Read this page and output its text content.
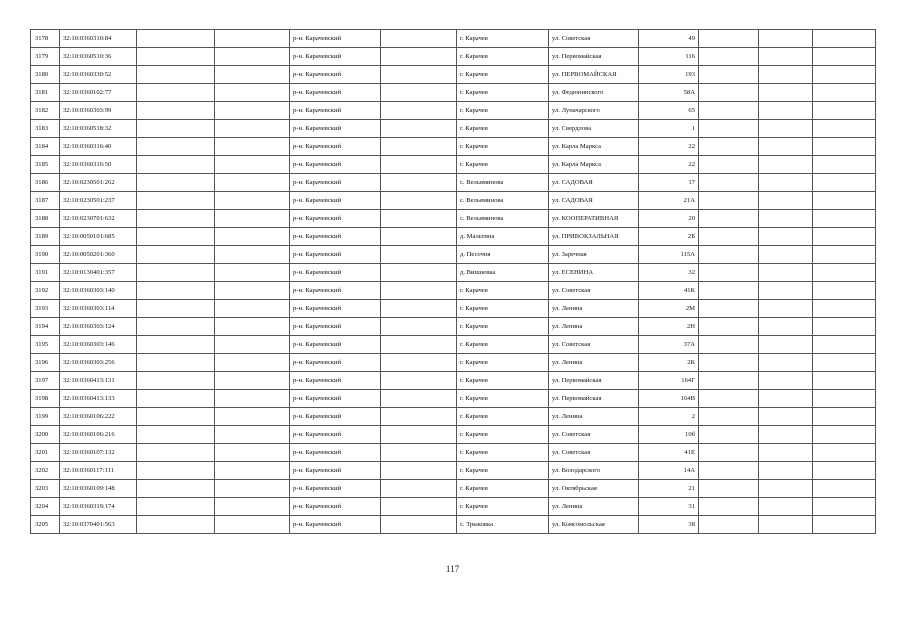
3178	32:10:0360310:84			р-н. Карачевский		г. Карачев	ул. Советская	49			
3179	32:10:0360510:36			р-н. Карачевский		г. Карачев	ул. Первомайская	116			
3180	32:10:0360330:52			р-н. Карачевский		г. Карачев	ул. ПЕРВОМАЙСКАЯ	193			
3181	32:10:0360102:77			р-н. Карачевский		г. Карачев	ул. Федюнинского	58А			
3182	32:10:0360303:99			р-н. Карачевский		г. Карачев	ул. Луначарского	65			
3183	32:10:0360518:32			р-н. Карачевский		г. Карачев	ул. Свердлова	1			
3184	32:10:0360316:40			р-н. Карачевский		г. Карачев	ул. Карла Маркса	22			
3185	32:10:0360316:50			р-н. Карачевский		г. Карачев	ул. Карла Маркса	22			
3186	32:10:0230501:262			р-н. Карачевский		с. Вельяминова	ул. САДОВАЯ	17			
3187	32:10:0230501:237			р-н. Карачевский		с. Вельяминова	ул. САДОВАЯ	21А			
3188	32:10:0230701:632			р-н. Карачевский		с. Вельяминова	ул. КООПЕРАТИВНАЯ	20			
3189	32:10:0050101:685			р-н. Карачевский		д. Мальтина	ул. ПРИВОКЗАЛЬНАЯ	2Б			
3190	32:10:0050201:360			р-н. Карачевский		д. Песочня	ул. Заречная	115А			
3191	32:10:0130401:357			р-н. Карачевский		д. Вишневка	ул. ЕСЕНИНА	32			
3192	32:10:0360303:140			р-н. Карачевский		г. Карачев	ул. Советская	41К			
3193	32:10:0360303:114			р-н. Карачевский		г. Карачев	ул. Ленина	2М			
3194	32:10:0360303:124			р-н. Карачевский		г. Карачев	ул. Ленина	2Н			
3195	32:10:0360303:146			р-н. Карачевский		г. Карачев	ул. Советская	37А			
3196	32:10:0360303:256			р-н. Карачевский		г. Карачев	ул. Ленина	2К			
3197	32:10:0360413:131			р-н. Карачевский		г. Карачев	ул. Первомайская	164Г			
3198	32:10:0360413:133			р-н. Карачевский		г. Карачев	ул. Первомайская	164В			
3199	32:10:0360106:222			р-н. Карачевский		г. Карачев	ул. Ленина	2			
3200	32:10:0360106:216			р-н. Карачевский		г. Карачев	ул. Советская	10б			
3201	32:10:0360107:132			р-н. Карачевский		г. Карачев	ул. Советская	41Е			
3202	32:10:0360117:111			р-н. Карачевский		г. Карачев	ул. Володарского	14А			
3203	32:10:0360109:148			р-н. Карачевский		г. Карачев	ул. Октябрьская	21			
3204	32:10:0360319:174			р-н. Карачевский		г. Карачев	ул. Ленина	31			
3205	32:10:0370401:563			р-н. Карачевский		с. Трыковка	ул. Комсомольская	38			
117
